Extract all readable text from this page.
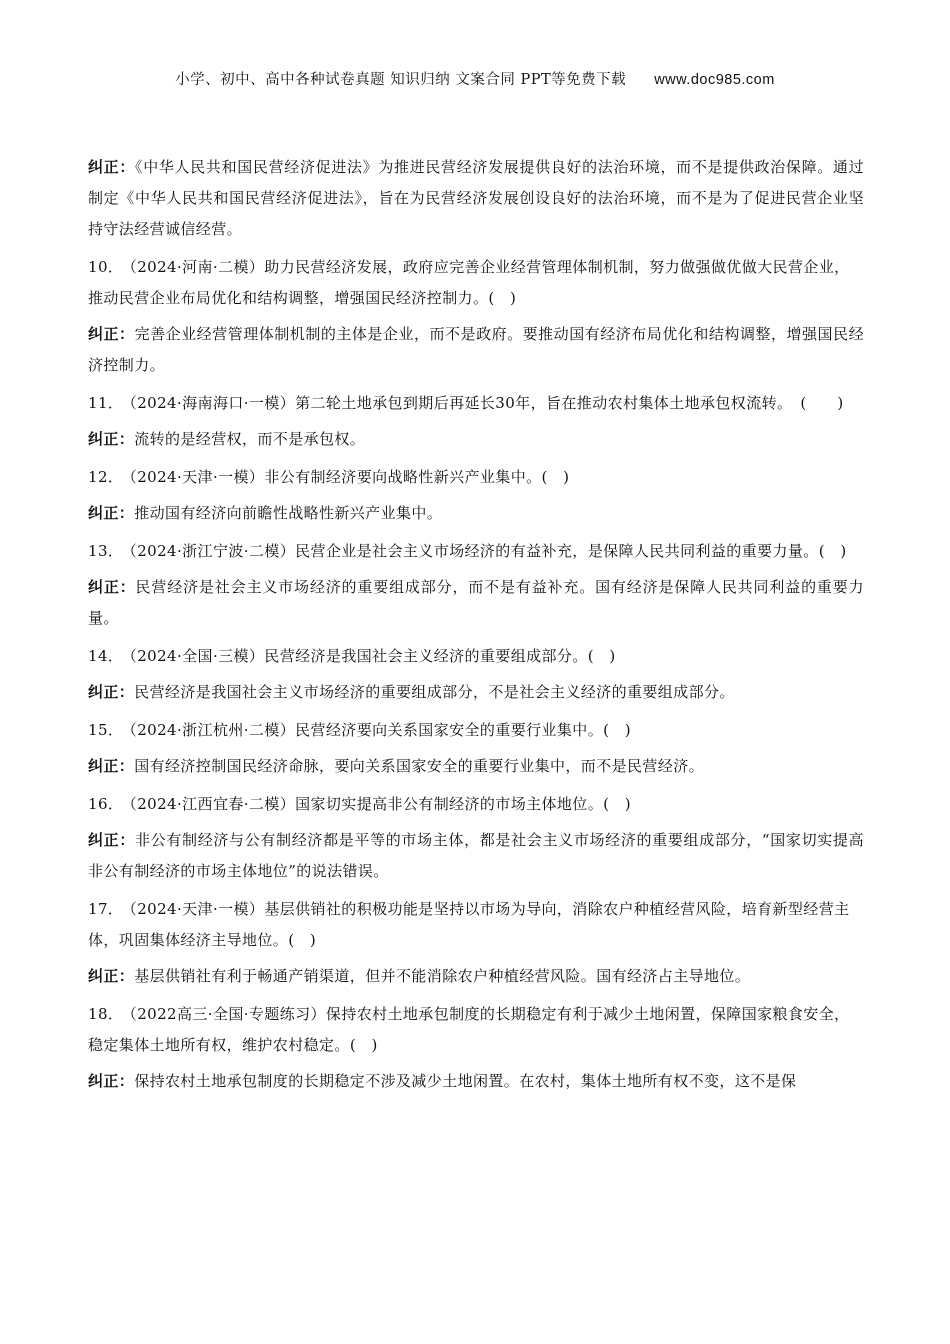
小学、初中、高中各种试卷真题 知识归纳 文案合同 PPT等免费下载 www.doc985.com

纠正：《中华人民共和国民营经济促进法》为推进民营经济发展提供良好的法治环境，而不是提供政治保障。通过制定《中华人民共和国民营经济促进法》，旨在为民营经济发展创设良好的法治环境，而不是为了促进民营企业坚持守法经营诚信经营。

10． （2024·河南·二模）助力民营经济发展，政府应完善企业经营管理体制机制，努力做强做优做大民营企业，推动民营企业布局优化和结构调整，增强国民经济控制力。(　)

纠正：完善企业经营管理体制机制的主体是企业，而不是政府。要推动国有经济布局优化和结构调整，增强国民经济控制力。

11． （2024·海南海口·一模）第二轮土地承包到期后再延长30年，旨在推动农村集体土地承包权流转。　(　　)

纠正：流转的是经营权，而不是承包权。

12． （2024·天津·一模）非公有制经济要向战略性新兴产业集中。(　)

纠正：推动国有经济向前瞻性战略性新兴产业集中。

13． （2024·浙江宁波·二模）民营企业是社会主义市场经济的有益补充，是保障人民共同利益的重要力量。(　)

纠正：民营经济是社会主义市场经济的重要组成部分，而不是有益补充。国有经济是保障人民共同利益的重要力量。

14． （2024·全国·三模）民营经济是我国社会主义经济的重要组成部分。(　)

纠正：民营经济是我国社会主义市场经济的重要组成部分，不是社会主义经济的重要组成部分。

15． （2024·浙江杭州·二模）民营经济要向关系国家安全的重要行业集中。(　)

纠正：国有经济控制国民经济命脉，要向关系国家安全的重要行业集中，而不是民营经济。

16． （2024·江西宜春·二模）国家切实提高非公有制经济的市场主体地位。(　)

纠正：非公有制经济与公有制经济都是平等的市场主体，都是社会主义市场经济的重要组成部分，“国家切实提高非公有制经济的市场主体地位”的说法错误。

17． （2024·天津·一模）基层供销社的积极功能是坚持以市场为导向，消除农户种植经营风险，培育新型经营主体，巩固集体经济主导地位。(　)

纠正：基层供销社有利于畅通产销渠道，但并不能消除农户种植经营风险。国有经济占主导地位。

18． （2022高三·全国·专题练习）保持农村土地承包制度的长期稳定有利于减少土地闲置，保障国家粮食安全， 稳定集体土地所有权，维护农村稳定。(　)

纠正：保持农村土地承包制度的长期稳定不涉及减少土地闲置。在农村，集体土地所有权不变，这不是保
